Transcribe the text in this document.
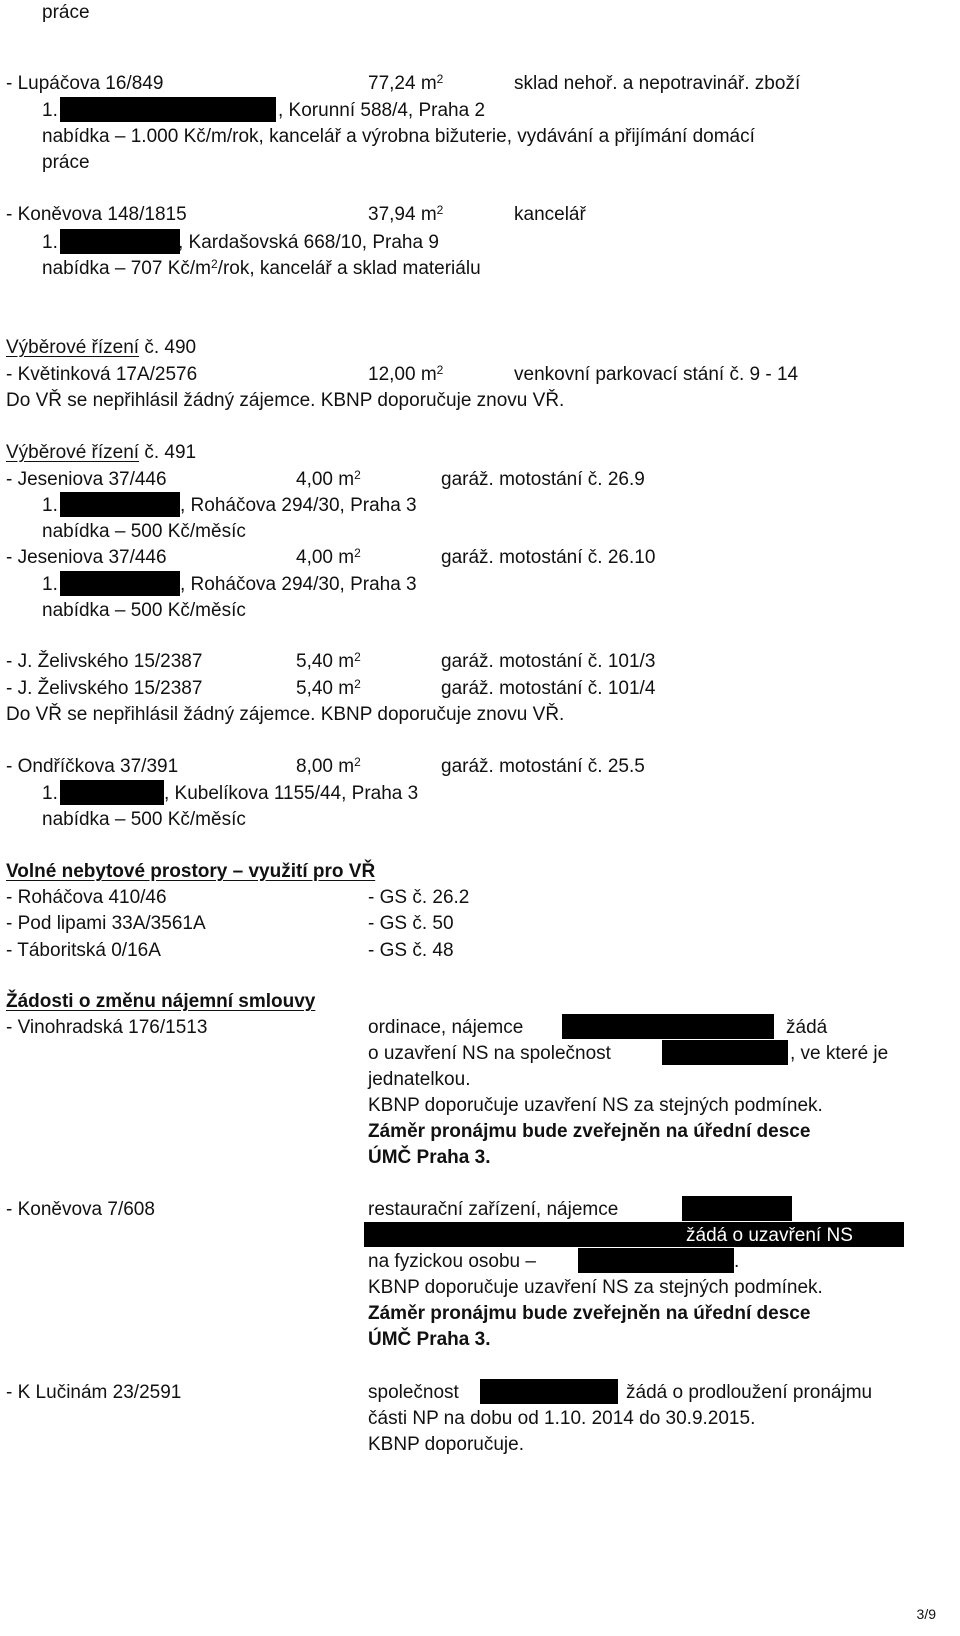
práce
- Lupáčova 16/849	77,24 $m^2$	sklad nehoř. a nepotravinář. zboží
1.	, Korunní 588/4, Praha 2
nabídka – 1.000 Kč/m/rok, kancelář a výrobna bižuterie, vydávání a přijímání domácí
práce
- Koněvova 148/1815	37,94 $m^2$	kancelář
1.	, Kardašovská 668/10, Praha 9
nabídka – 707 $Kč/m^2$/rok, kancelář a sklad materiálu
Výběrové řízení č. 490
- Květinková 17A/2576	12,00 $m^2$	venkovní parkovací stání č. 9 - 14
Do VŘ se nepřihlásil žádný zájemce. KBNP doporučuje znovu VŘ.
Výběrové řízení č. 491
- Jeseniova 37/446	4,00 $m^2$	garáž. motostání č. 26.9
1.	, Roháčova 294/30, Praha 3
nabídka – 500 Kč/měsíc
- Jeseniova 37/446	4,00 $m^2$	garáž. motostání č. 26.10
1.	, Roháčova 294/30, Praha 3
nabídka – 500 Kč/měsíc
- J. Želivského 15/2387	5,40 $m^2$	garáž. motostání č. 101/3
- J. Želivského 15/2387	5,40 $m^2$	garáž. motostání č. 101/4
Do VŘ se nepřihlásil žádný zájemce. KBNP doporučuje znovu VŘ.
- Ondříčkova 37/391	8,00 $m^2$	garáž. motostání č. 25.5
1.	, Kubelíkova 1155/44, Praha 3
nabídka – 500 Kč/měsíc
Volné nebytové prostory – využití pro VŘ
- Roháčova 410/46	- GS č. 26.2
- Pod lipami 33A/3561A	- GS č. 50
- Táboritská 0/16A	- GS č. 48
Žádosti o změnu nájemní smlouvy
- Vinohradská 176/1513	ordinace, nájemce	žádá
o uzavření NS na společnost	, ve které je
jednatelkou.
KBNP doporučuje uzavření NS za stejných podmínek.
Záměr pronájmu bude zveřejněn na úřední desce
ÚMČ Praha 3.
- Koněvova 7/608	restaurační zařízení, nájemce
žádá o uzavření NS
na fyzickou osobu –	.
KBNP doporučuje uzavření NS za stejných podmínek.
Záměr pronájmu bude zveřejněn na úřední desce
ÚMČ Praha 3.
- K Lučinám 23/2591	společnost	žádá o prodloužení pronájmu
části NP na dobu od 1.10. 2014 do 30.9.2015.
KBNP doporučuje.
3/9
